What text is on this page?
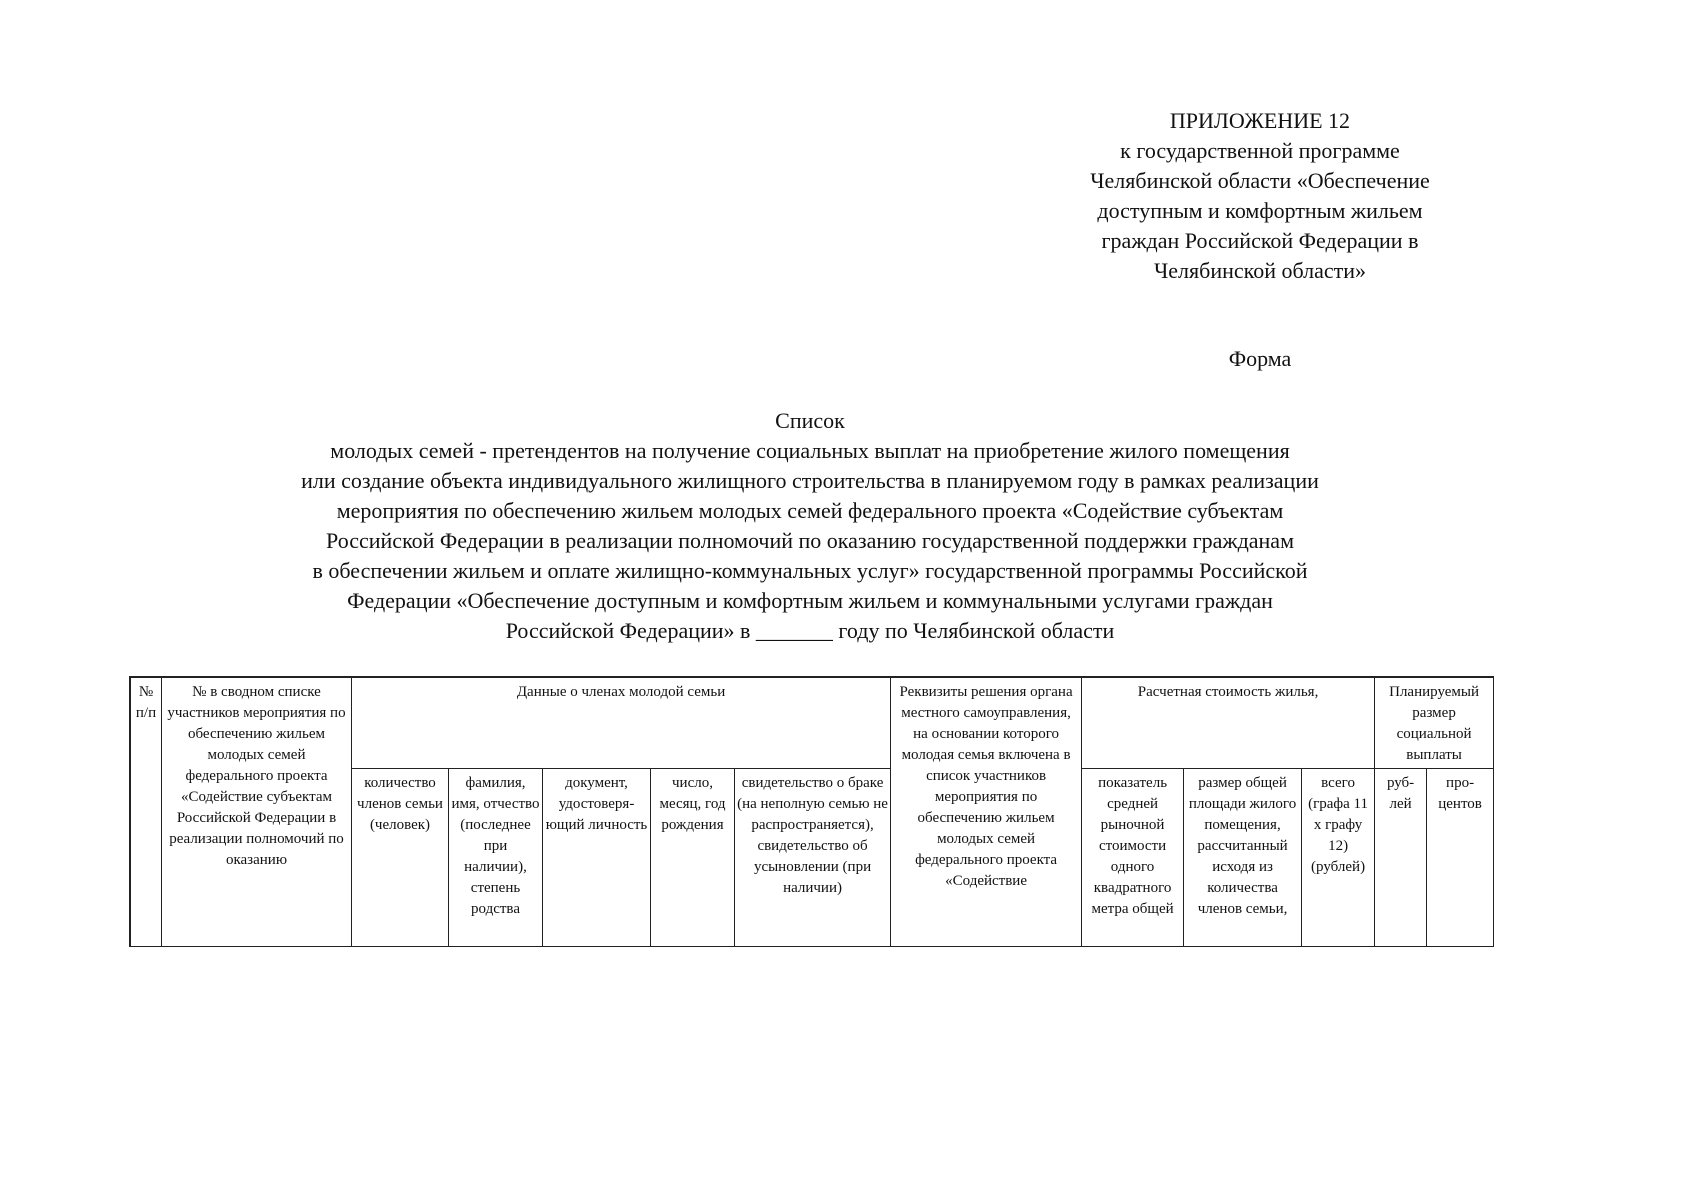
ПРИЛОЖЕНИЕ 12
к государственной программе
Челябинской области «Обеспечение
доступным и комфортным жильем
граждан Российской Федерации в
Челябинской области»
Форма
Список
молодых семей - претендентов на получение социальных выплат на приобретение жилого помещения
или создание объекта индивидуального жилищного строительства в планируемом году в рамках реализации
мероприятия по обеспечению жильем молодых семей федерального проекта «Содействие субъектам
Российской Федерации в реализации полномочий по оказанию государственной поддержки гражданам
в обеспечении жильем и оплате жилищно-коммунальных услуг» государственной программы Российской
Федерации «Обеспечение доступным и комфортным жильем и коммунальными услугами граждан
Российской Федерации» в _______ году по Челябинской области
№ п/п	№ в сводном списке участников мероприятия по обеспечению жильем молодых семей федерального проекта «Содействие субъектам Российской Федерации в реализации полномочий по оказанию	Данные о членах молодой семьи					Реквизиты решения органа местного самоуправления, на основании которого молодая семья включена в список участников мероприятия по обеспечению жильем молодых семей федерального проекта «Содействие	Расчетная стоимость жилья,			Планируемый размер социальной выплаты	
		количество членов семьи (человек)	фамилия, имя, отчество (последнее при наличии), степень родства	документ, удостоверя-ющий личность	число, месяц, год рождения	свидетельство о браке (на неполную семью не распространяется), свидетельство об усыновлении (при наличии)		показатель средней рыночной стоимости одного квадратного метра общей	размер общей площади жилого помещения, рассчитанный исходя из количества членов семьи,	всего (графа 11 х графу 12) (рублей)	руб-лей	про-центов
